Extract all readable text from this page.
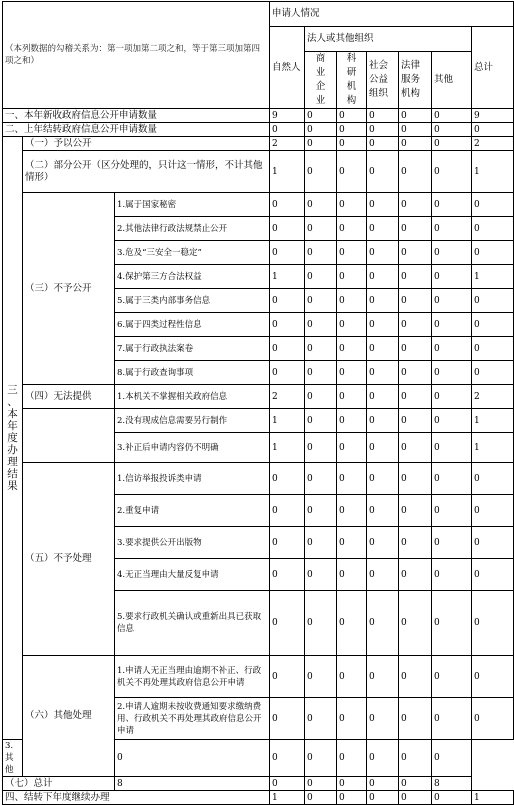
（本列数据的勾稽关系为：第一项加第二项之和，等于第三项加第四项之和）			申请人情况						

			自然人	法人或其他组织					总计

				商业企业	科研机构	社会公益组织	法律服务机构	其他	
一、本年新收政府信息公开申请数量			9	0	0	0	0	0	9
二、上年结转政府信息公开申请数量			0	0	0	0	0	0	0

三、本年度办理结果	（一）予以公开		2	0	0	0	0	0	2
	（二）部分公开（区分处理的，只计这一情形，不计其他情形）		1	0	0	0	0	0	1
	（三）不予公开	1.属于国家秘密	0	0	0	0	0	0	0
		2.其他法律行政法规禁止公开	0	0	0	0	0	0	0
		3.危及“三安全一稳定”	0	0	0	0	0	0	0
		4.保护第三方合法权益	1	0	0	0	0	0	1
		5.属于三类内部事务信息	0	0	0	0	0	0	0
		6.属于四类过程性信息	0	0	0	0	0	0	0
		7.属于行政执法案卷	0	0	0	0	0	0	0
		8.属于行政查询事项	0	0	0	0	0	0	0
	（四）无法提供	1.本机关不掌握相关政府信息	2	0	0	0	0	0	2
		2.没有现成信息需要另行制作	1	0	0	0	0	0	1
		3.补正后申请内容仍不明确	1	0	0	0	0	0	1
	（五）不予处理	1.信访举报投诉类申请	0	0	0	0	0	0	0
		2.重复申请	0	0	0	0	0	0	0
		3.要求提供公开出版物	0	0	0	0	0	0	0
		4.无正当理由大量反复申请	0	0	0	0	0	0	0
		5.要求行政机关确认或重新出具已获取信息	0	0	0	0	0	0	0
	（六）其他处理	1.申请人无正当理由逾期不补正、行政机关不再处理其政府信息公开申请	0	0	0	0	0	0	0
		2.申请人逾期未按收费通知要求缴纳费用、行政机关不再处理其政府信息公开申请	0	0	0	0	0	0	0
3.其他		0	0	0	0	0	0	0	
（七）总计		8	0	0	0	0	0	8	
四、结转下年度继续办理			1	0	0	0	0	0	1
